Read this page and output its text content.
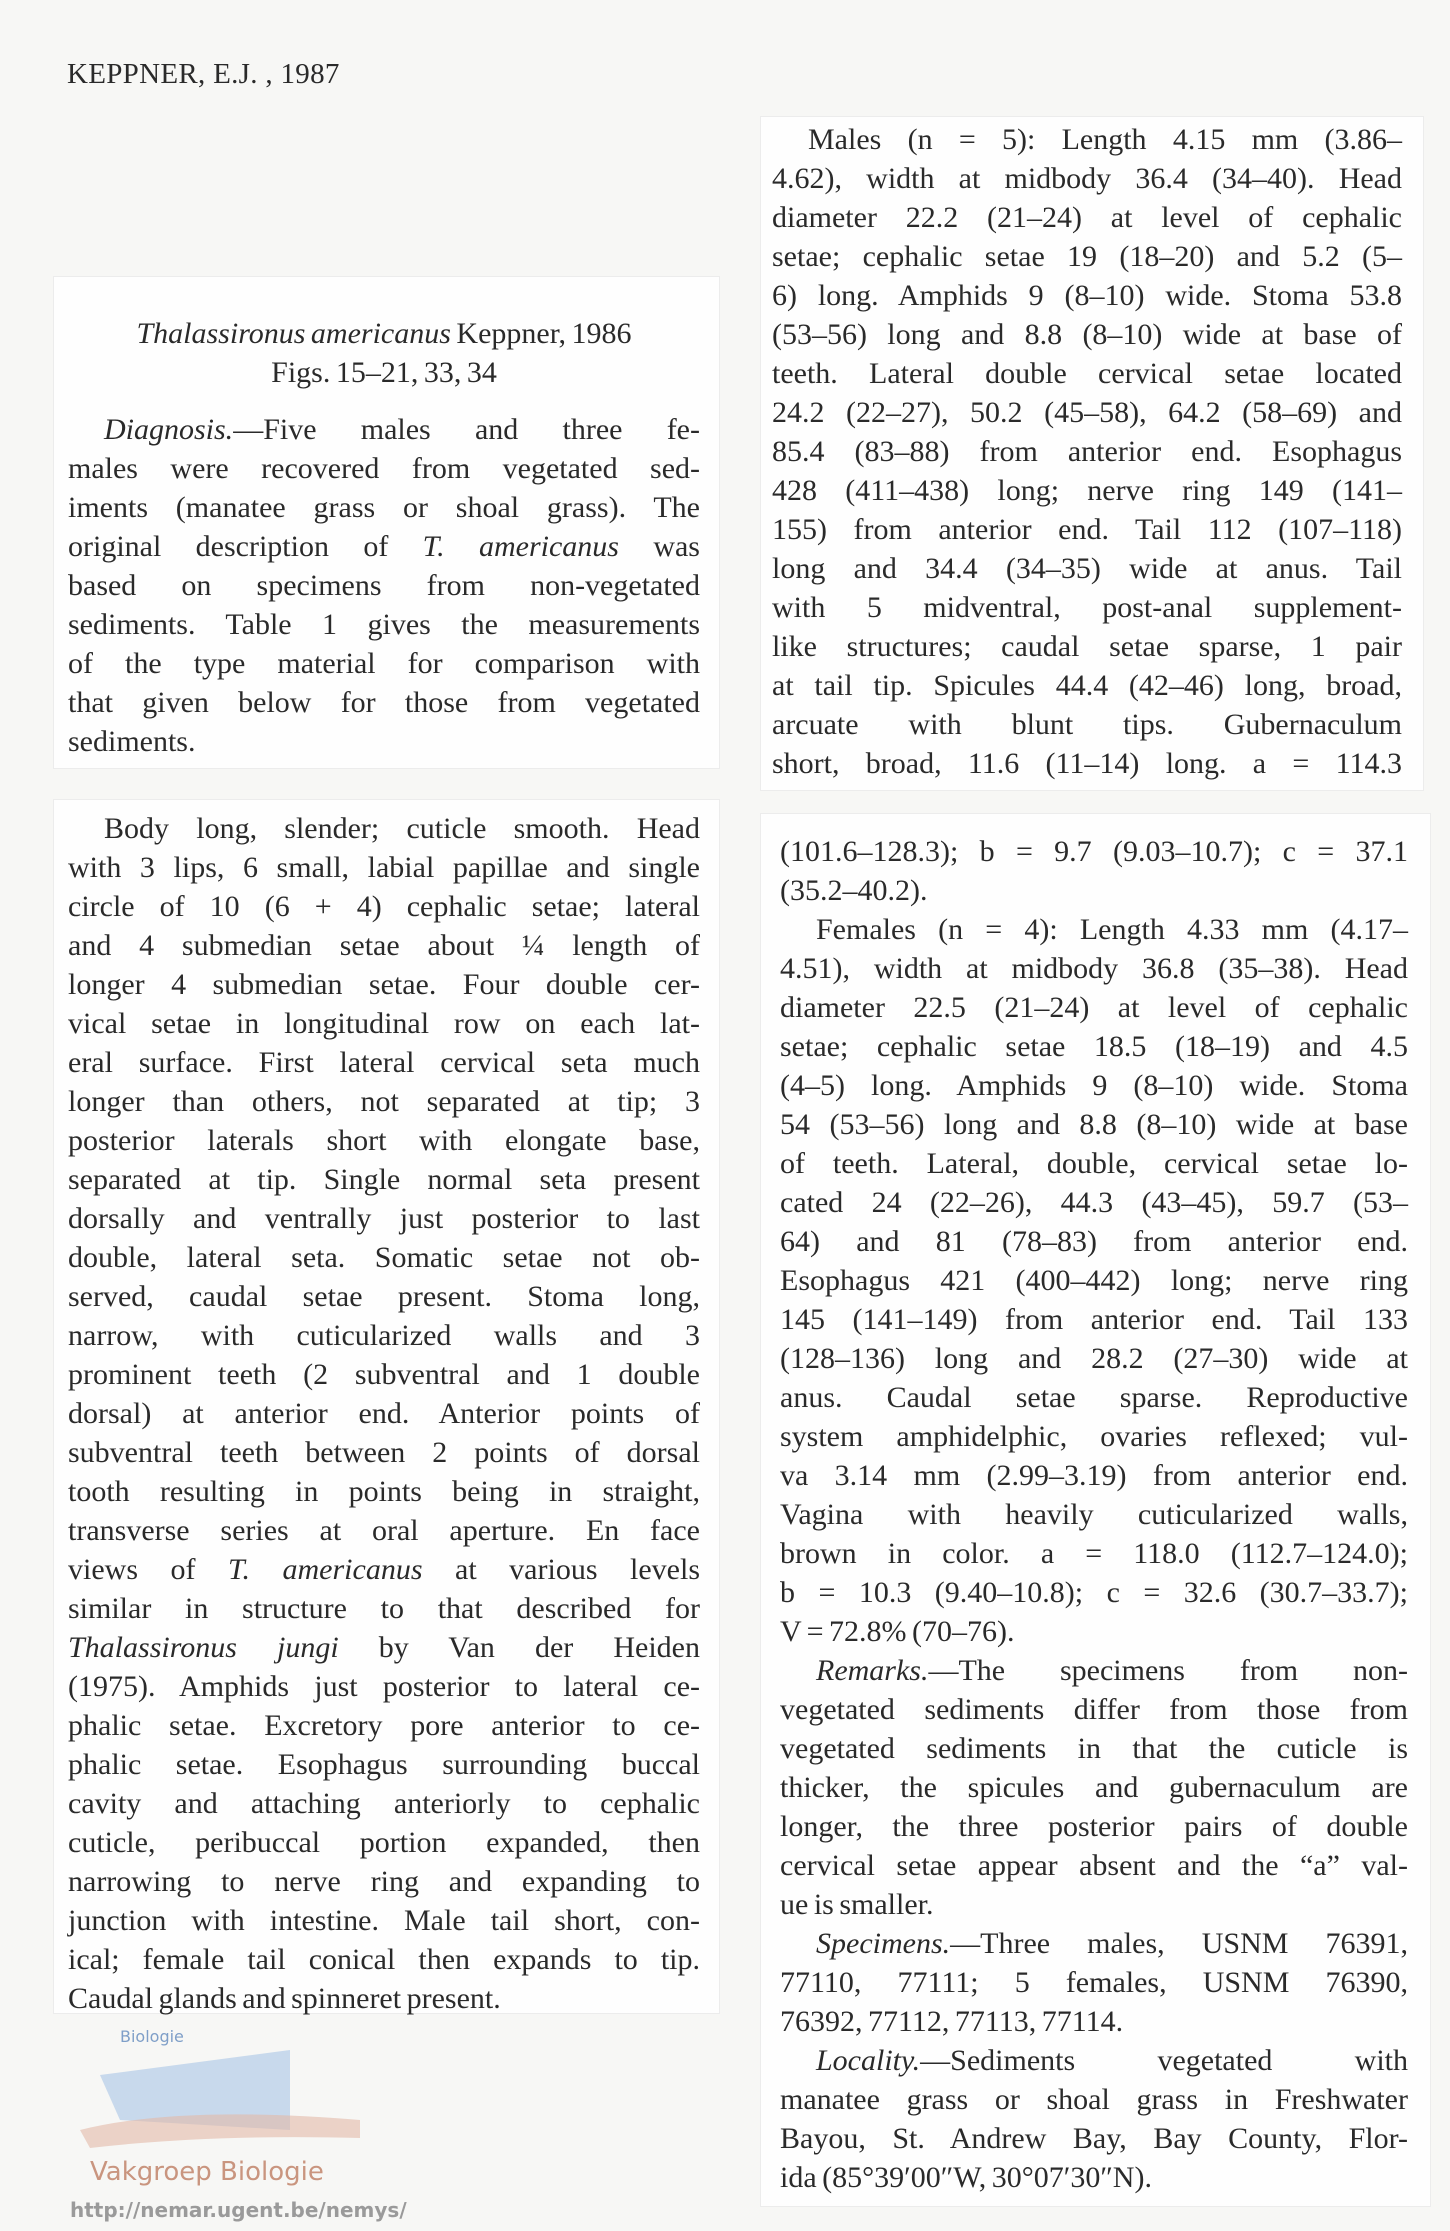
KEPPNER, E.J. , 1987
Thalassironus americanus Keppner, 1986
Figs. 15–21, 33, 34
Diagnosis.—Five males and three fe-
males were recovered from vegetated sed-
iments (manatee grass or shoal grass). The
original description of T. americanus was
based on specimens from non-vegetated
sediments. Table 1 gives the measurements
of the type material for comparison with
that given below for those from vegetated
sediments.
Body long, slender; cuticle smooth. Head
with 3 lips, 6 small, labial papillae and single
circle of 10 (6 + 4) cephalic setae; lateral
and 4 submedian setae about ¼ length of
longer 4 submedian setae. Four double cer-
vical setae in longitudinal row on each lat-
eral surface. First lateral cervical seta much
longer than others, not separated at tip; 3
posterior laterals short with elongate base,
separated at tip. Single normal seta present
dorsally and ventrally just posterior to last
double, lateral seta. Somatic setae not ob-
served, caudal setae present. Stoma long,
narrow, with cuticularized walls and 3
prominent teeth (2 subventral and 1 double
dorsal) at anterior end. Anterior points of
subventral teeth between 2 points of dorsal
tooth resulting in points being in straight,
transverse series at oral aperture. En face
views of T. americanus at various levels
similar in structure to that described for
Thalassironus jungi by Van der Heiden
(1975). Amphids just posterior to lateral ce-
phalic setae. Excretory pore anterior to ce-
phalic setae. Esophagus surrounding buccal
cavity and attaching anteriorly to cephalic
cuticle, peribuccal portion expanded, then
narrowing to nerve ring and expanding to
junction with intestine. Male tail short, con-
ical; female tail conical then expands to tip.
Caudal glands and spinneret present.
Males (n = 5): Length 4.15 mm (3.86–
4.62), width at midbody 36.4 (34–40). Head
diameter 22.2 (21–24) at level of cephalic
setae; cephalic setae 19 (18–20) and 5.2 (5–
6) long. Amphids 9 (8–10) wide. Stoma 53.8
(53–56) long and 8.8 (8–10) wide at base of
teeth. Lateral double cervical setae located
24.2 (22–27), 50.2 (45–58), 64.2 (58–69) and
85.4 (83–88) from anterior end. Esophagus
428 (411–438) long; nerve ring 149 (141–
155) from anterior end. Tail 112 (107–118)
long and 34.4 (34–35) wide at anus. Tail
with 5 midventral, post-anal supplement-
like structures; caudal setae sparse, 1 pair
at tail tip. Spicules 44.4 (42–46) long, broad,
arcuate with blunt tips. Gubernaculum
short, broad, 11.6 (11–14) long. a = 114.3
(101.6–128.3); b = 9.7 (9.03–10.7); c = 37.1
(35.2–40.2).
Females (n = 4): Length 4.33 mm (4.17–
4.51), width at midbody 36.8 (35–38). Head
diameter 22.5 (21–24) at level of cephalic
setae; cephalic setae 18.5 (18–19) and 4.5
(4–5) long. Amphids 9 (8–10) wide. Stoma
54 (53–56) long and 8.8 (8–10) wide at base
of teeth. Lateral, double, cervical setae lo-
cated 24 (22–26), 44.3 (43–45), 59.7 (53–
64) and 81 (78–83) from anterior end.
Esophagus 421 (400–442) long; nerve ring
145 (141–149) from anterior end. Tail 133
(128–136) long and 28.2 (27–30) wide at
anus. Caudal setae sparse. Reproductive
system amphidelphic, ovaries reflexed; vul-
va 3.14 mm (2.99–3.19) from anterior end.
Vagina with heavily cuticularized walls,
brown in color. a = 118.0 (112.7–124.0);
b = 10.3 (9.40–10.8); c = 32.6 (30.7–33.7);
V = 72.8% (70–76).
Remarks.—The specimens from non-
vegetated sediments differ from those from
vegetated sediments in that the cuticle is
thicker, the spicules and gubernaculum are
longer, the three posterior pairs of double
cervical setae appear absent and the “a” val-
ue is smaller.
Specimens.—Three males, USNM 76391,
77110, 77111; 5 females, USNM 76390,
76392, 77112, 77113, 77114.
Locality.—Sediments vegetated with
manatee grass or shoal grass in Freshwater
Bayou, St. Andrew Bay, Bay County, Flor-
ida (85°39′00″W, 30°07′30″N).
Biologie
Vakgroep Biologie
http://nemar.ugent.be/nemys/
